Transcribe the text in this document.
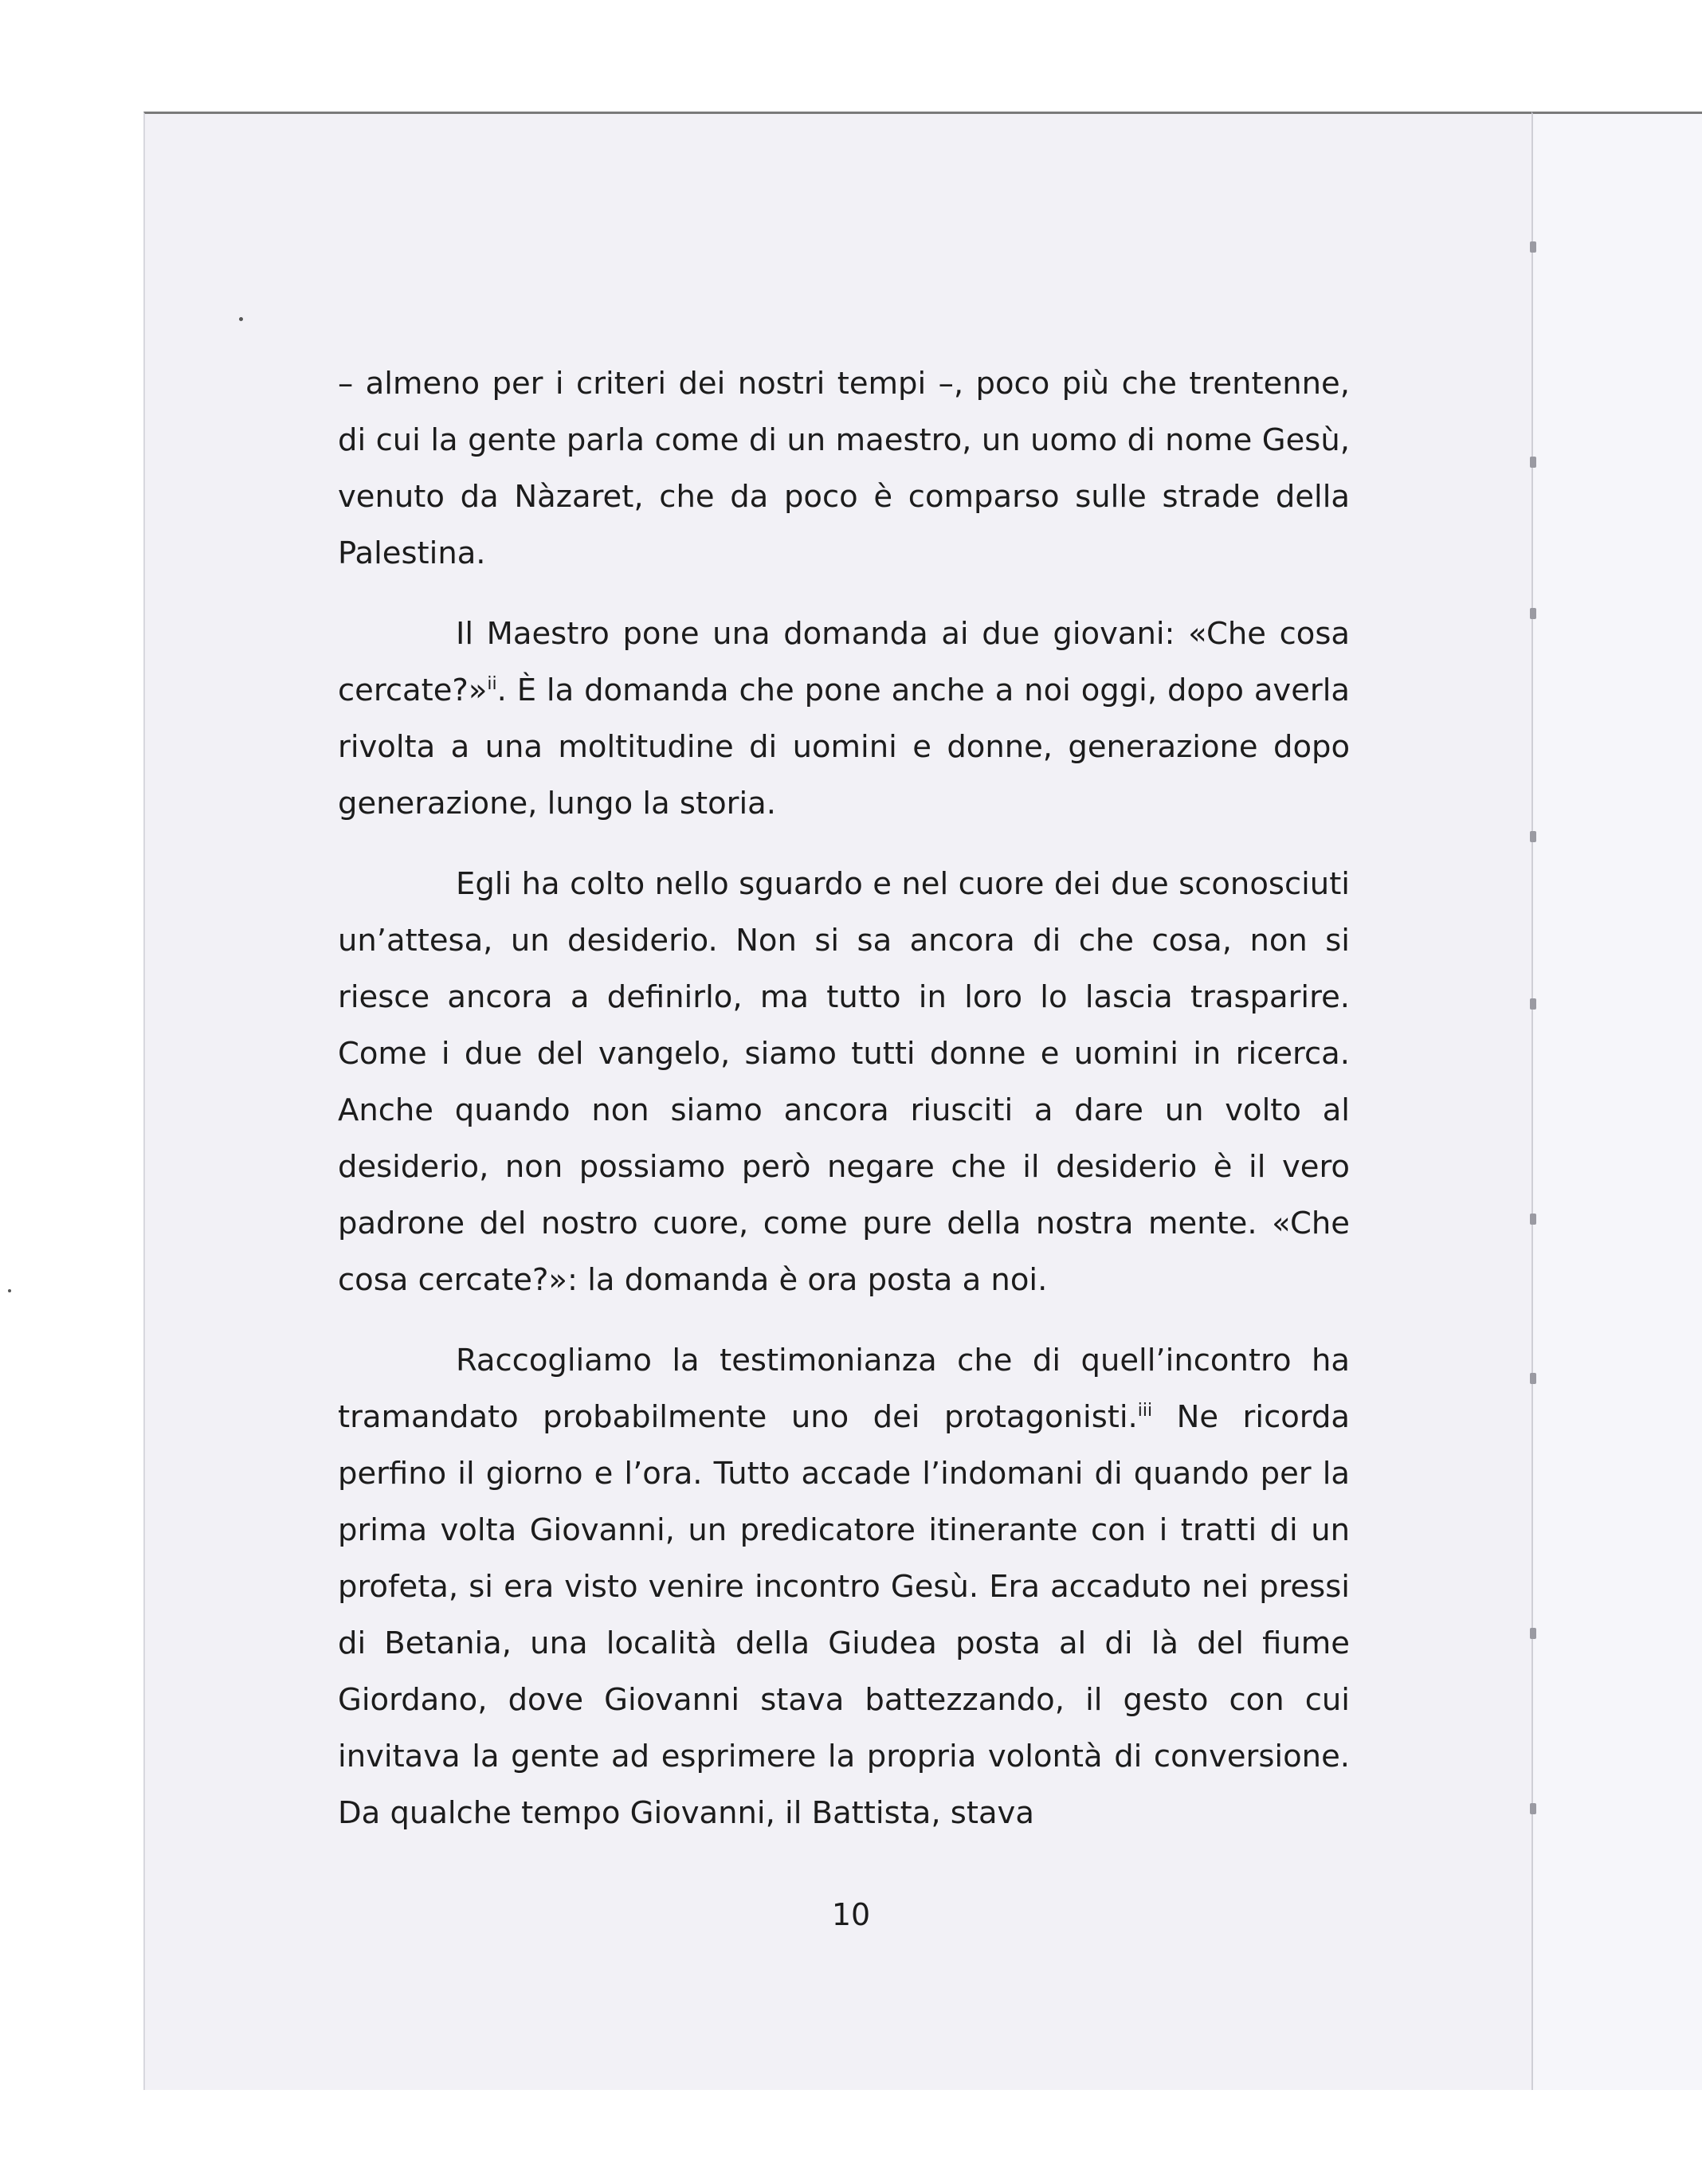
– almeno per i criteri dei nostri tempi –, poco più che trentenne, di cui la gente parla come di un maestro, un uomo di nome Gesù, venuto da Nàzaret, che da poco è comparso sulle strade della Palestina.

Il Maestro pone una domanda ai due giovani: «Che cosa cercate?»$^{ii}$. È la domanda che pone anche a noi oggi, dopo averla rivolta a una moltitudine di uomini e donne, generazione dopo generazione, lungo la storia.

Egli ha colto nello sguardo e nel cuore dei due sconosciuti un’attesa, un desiderio. Non si sa ancora di che cosa, non si riesce ancora a definirlo, ma tutto in loro lo lascia trasparire. Come i due del vangelo, siamo tutti donne e uomini in ricerca. Anche quando non siamo ancora riusciti a dare un volto al desiderio, non possiamo però negare che il desiderio è il vero padrone del nostro cuore, come pure della nostra mente. «Che cosa cercate?»: la domanda è ora posta a noi.

Raccogliamo la testimonianza che di quell’incontro ha tramandato probabilmente uno dei protagonisti.$^{iii}$ Ne ricorda perfino il giorno e l’ora. Tutto accade l’indomani di quando per la prima volta Giovanni, un predicatore itinerante con i tratti di un profeta, si era visto venire incontro Gesù. Era accaduto nei pressi di Betania, una località della Giudea posta al di là del fiume Giordano, dove Giovanni stava battezzando, il gesto con cui invitava la gente ad esprimere la propria volontà di conversione. Da qualche tempo Giovanni, il Battista, stava

10
